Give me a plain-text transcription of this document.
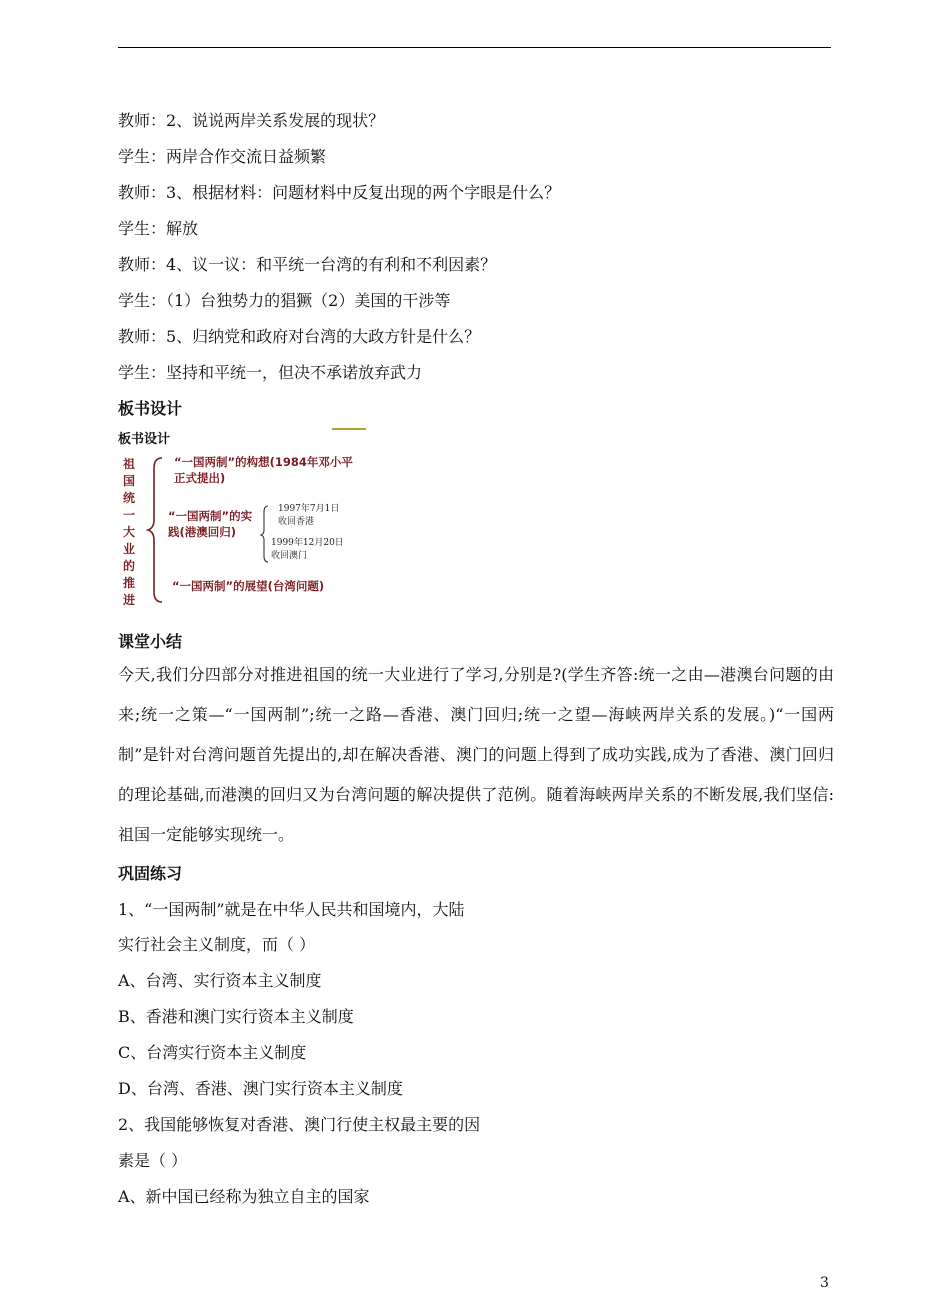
教师：2、说说两岸关系发展的现状？
学生：两岸合作交流日益频繁
教师：3、根据材料：问题材料中反复出现的两个字眼是什么？
学生：解放
教师：4、议一议：和平统一台湾的有利和不利因素？
学生：（1）台独势力的猖獗（2）美国的干涉等
教师：5、归纳党和政府对台湾的大政方针是什么？
学生：坚持和平统一，但决不承诺放弃武力
板书设计
板书设计
祖国统一大业的推进
“一国两制”的构想(1984年邓小平正式提出)
“一国两制”的实践(港澳回归)
1997年7月1日
收回香港
1999年12月20日
收回澳门
“一国两制”的展望(台湾问题)
课堂小结
今天,我们分四部分对推进祖国的统一大业进行了学习,分别是?(学生齐答:统一之由—港澳台问题的由来;统一之策—“一国两制”;统一之路—香港、澳门回归;统一之望—海峡两岸关系的发展。)“一国两制”是针对台湾问题首先提出的,却在解决香港、澳门的问题上得到了成功实践,成为了香港、澳门回归的理论基础,而港澳的回归又为台湾问题的解决提供了范例。随着海峡两岸关系的不断发展,我们坚信:祖国一定能够实现统一。
巩固练习
1、“一国两制”就是在中华人民共和国境内，大陆
实行社会主义制度，而（ ）
A、台湾、实行资本主义制度
B、香港和澳门实行资本主义制度
C、台湾实行资本主义制度
D、台湾、香港、澳门实行资本主义制度
2、我国能够恢复对香港、澳门行使主权最主要的因
素是（ ）
A、新中国已经称为独立自主的国家
3
